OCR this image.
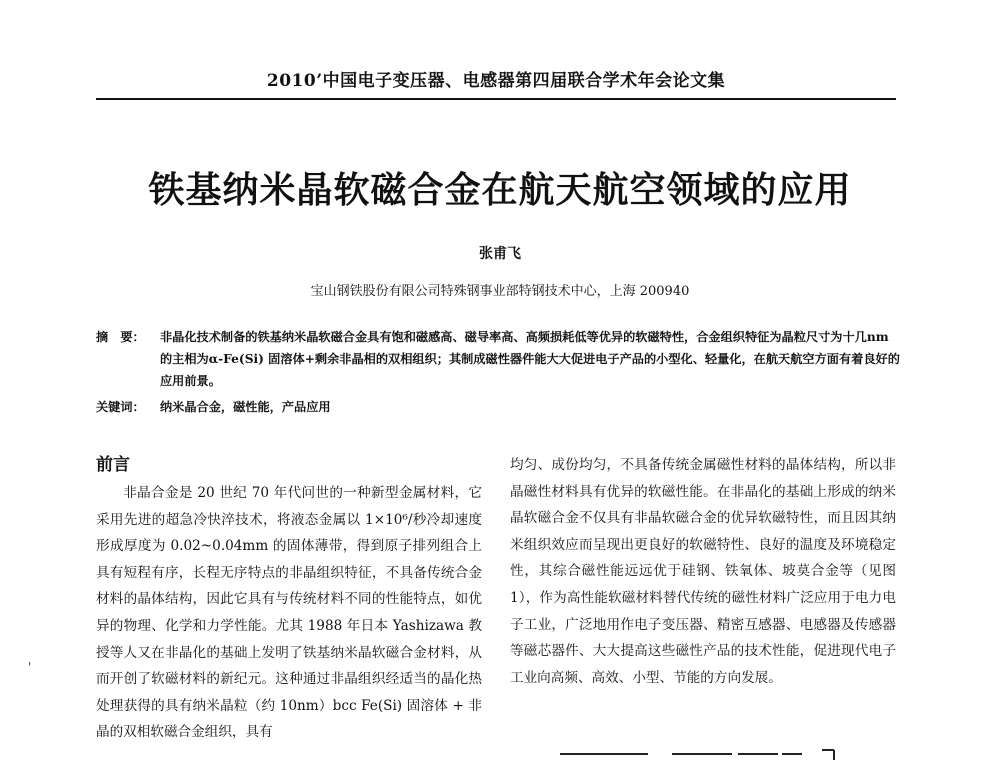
2010’中国电子变压器、电感器第四届联合学术年会论文集
铁基纳米晶软磁合金在航天航空领域的应用
张甫飞
宝山钢铁股份有限公司特殊钢事业部特钢技术中心，上海 200940
摘　要：	非晶化技术制备的铁基纳米晶软磁合金具有饱和磁感高、磁导率高、高频损耗低等优异的软磁特性，合金组织特征为晶粒尺寸为十几nm的主相为α-Fe(Si) 固溶体+剩余非晶相的双相组织；其制成磁性器件能大大促进电子产品的小型化、轻量化，在航天航空方面有着良好的应用前景。
关键词：	纳米晶合金，磁性能，产品应用
前言
非晶合金是 20 世纪 70 年代问世的一种新型金属材料，它采用先进的超急冷快淬技术，将液态金属以 1×10⁶/秒冷却速度形成厚度为 0.02~0.04mm 的固体薄带，得到原子排列组合上具有短程有序，长程无序特点的非晶组织特征，不具备传统合金材料的晶体结构，因此它具有与传统材料不同的性能特点，如优异的物理、化学和力学性能。尤其 1988 年日本 Yashizawa 教授等人又在非晶化的基础上发明了铁基纳米晶软磁合金材料，从而开创了软磁材料的新纪元。这种通过非晶组织经适当的晶化热处理获得的具有纳米晶粒（约 10nm）bcc Fe(Si) 固溶体 + 非晶的双相软磁合金组织，具有
均匀、成份均匀，不具备传统金属磁性材料的晶体结构，所以非晶磁性材料具有优异的软磁性能。在非晶化的基础上形成的纳米晶软磁合金不仅具有非晶软磁合金的优异软磁特性，而且因其纳米组织效应而呈现出更良好的软磁特性、良好的温度及环境稳定性，其综合磁性能远远优于硅钢、铁氧体、坡莫合金等（见图 1），作为高性能软磁材料替代传统的磁性材料广泛应用于电力电子工业，广泛地用作电子变压器、精密互感器、电感器及传感器等磁芯器件、大大提高这些磁性产品的技术性能，促进现代电子工业向高频、高效、小型、节能的方向发展。
'
